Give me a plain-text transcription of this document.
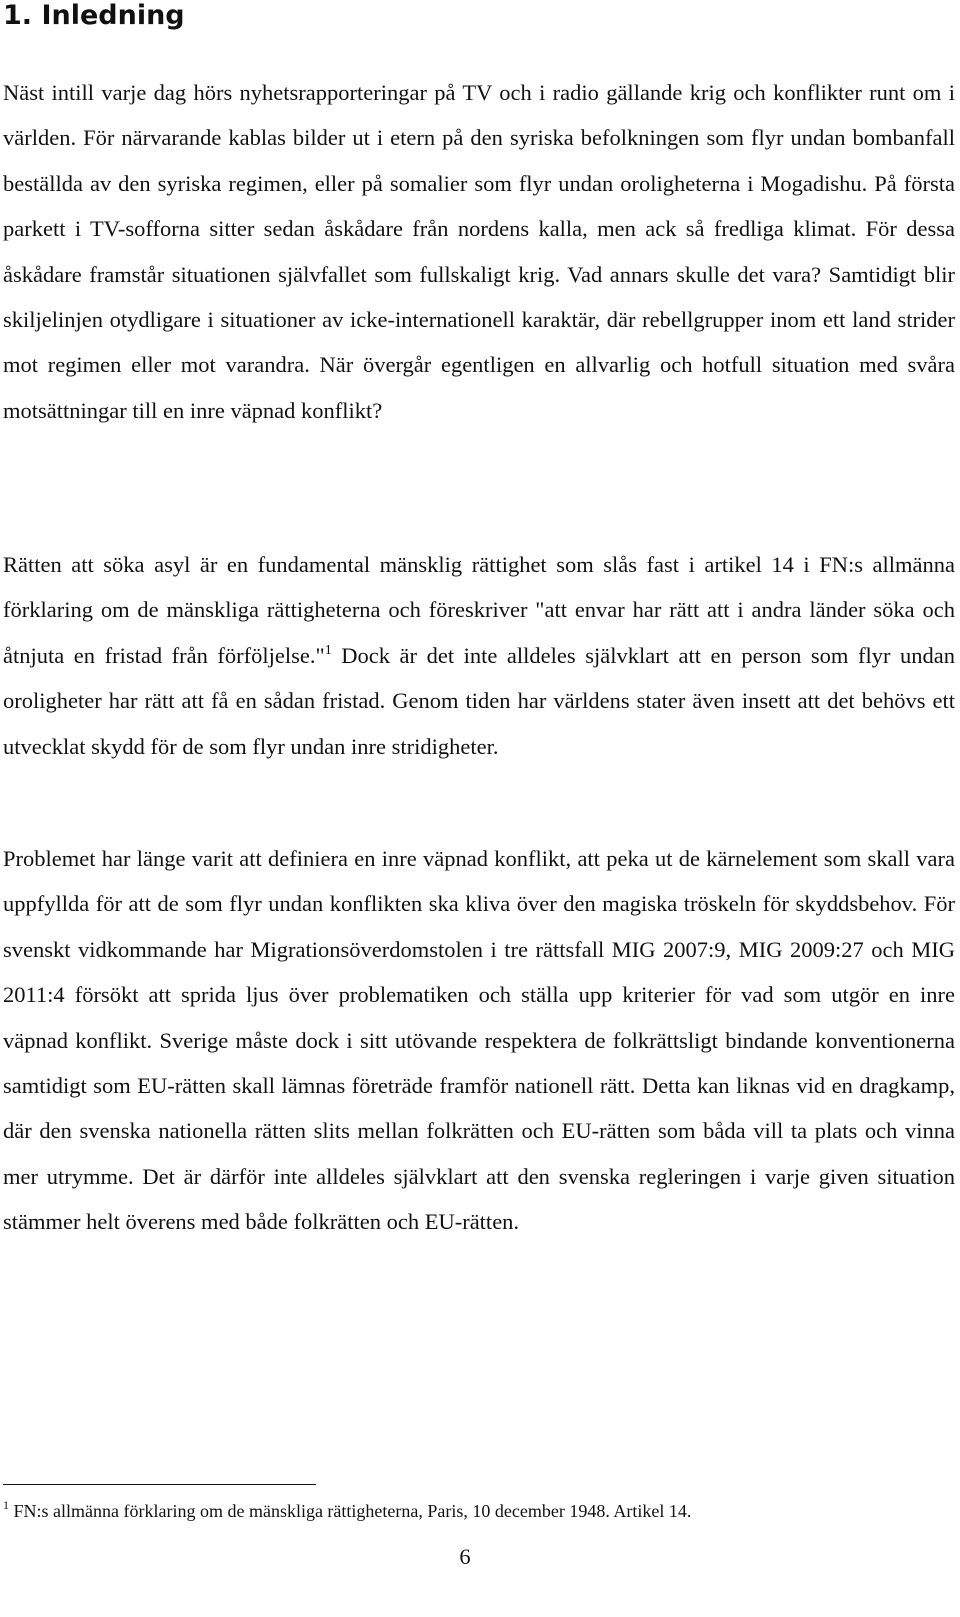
1. Inledning

Näst intill varje dag hörs nyhetsrapporteringar på TV och i radio gällande krig och konflikter runt om i världen. För närvarande kablas bilder ut i etern på den syriska befolkningen som flyr undan bombanfall beställda av den syriska regimen, eller på somalier som flyr undan oroligheterna i Mogadishu. På första parkett i TV-sofforna sitter sedan åskådare från nordens kalla, men ack så fredliga klimat. För dessa åskådare framstår situationen självfallet som fullskaligt krig. Vad annars skulle det vara? Samtidigt blir skiljelinjen otydligare i situationer av icke-internationell karaktär, där rebellgrupper inom ett land strider mot regimen eller mot varandra. När övergår egentligen en allvarlig och hotfull situation med svåra motsättningar till en inre väpnad konflikt?

Rätten att söka asyl är en fundamental mänsklig rättighet som slås fast i artikel 14 i FN:s allmänna förklaring om de mänskliga rättigheterna och föreskriver "att envar har rätt att i andra länder söka och åtnjuta en fristad från förföljelse."$^1$ Dock är det inte alldeles självklart att en person som flyr undan oroligheter har rätt att få en sådan fristad. Genom tiden har världens stater även insett att det behövs ett utvecklat skydd för de som flyr undan inre stridigheter.

Problemet har länge varit att definiera en inre väpnad konflikt, att peka ut de kärnelement som skall vara uppfyllda för att de som flyr undan konflikten ska kliva över den magiska tröskeln för skyddsbehov. För svenskt vidkommande har Migrationsöverdomstolen i tre rättsfall MIG 2007:9, MIG 2009:27 och MIG 2011:4 försökt att sprida ljus över problematiken och ställa upp kriterier för vad som utgör en inre väpnad konflikt. Sverige måste dock i sitt utövande respektera de folkrättsligt bindande konventionerna samtidigt som EU-rätten skall lämnas företräde framför nationell rätt. Detta kan liknas vid en dragkamp, där den svenska nationella rätten slits mellan folkrätten och EU-rätten som båda vill ta plats och vinna mer utrymme. Det är därför inte alldeles självklart att den svenska regleringen i varje given situation stämmer helt överens med både folkrätten och EU-rätten.

$^1$ FN:s allmänna förklaring om de mänskliga rättigheterna, Paris, 10 december 1948. Artikel 14.

6
